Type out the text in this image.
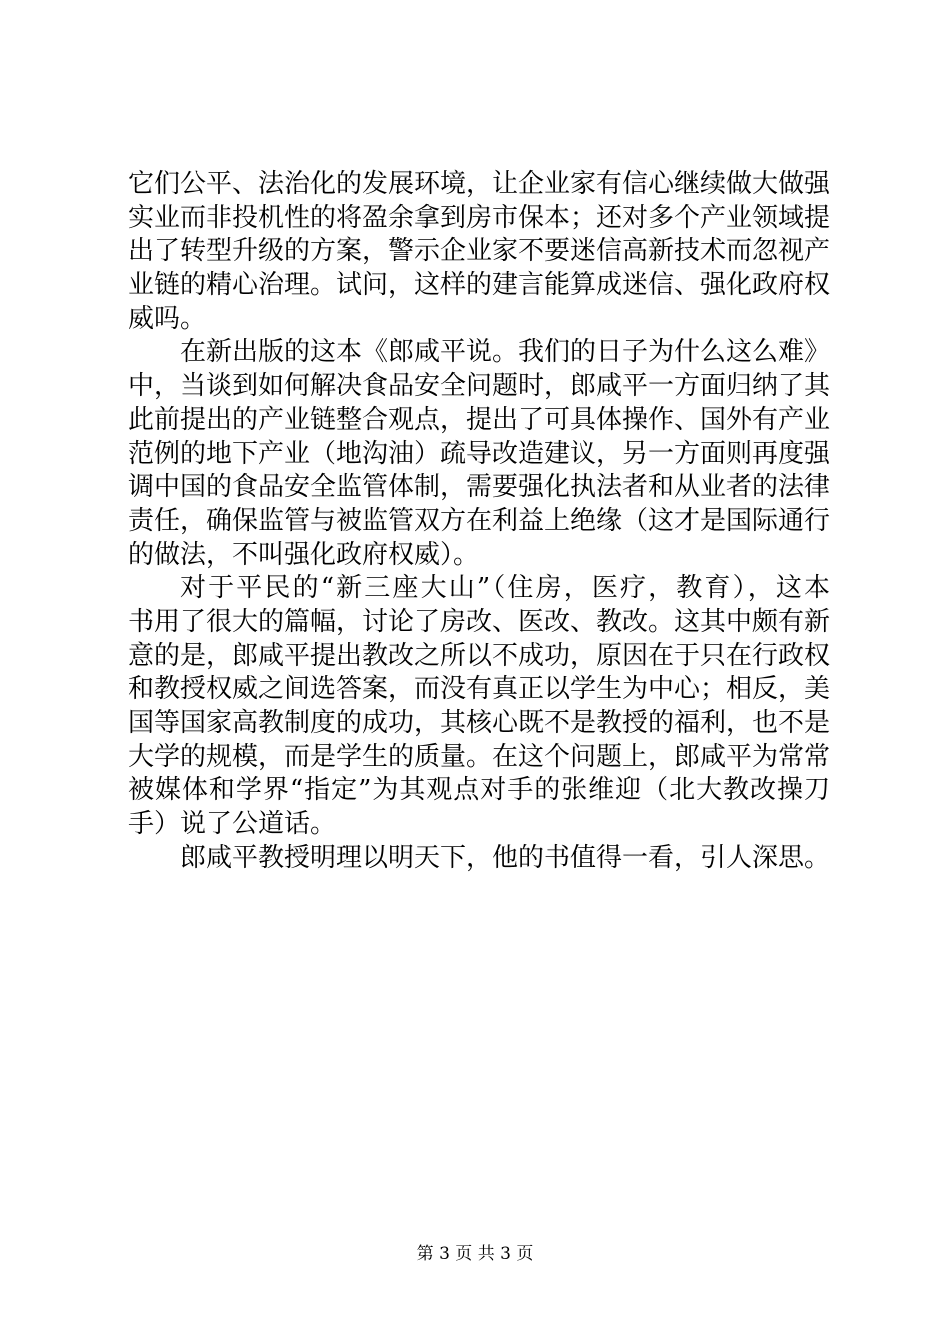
它们公平、法治化的发展环境，让企业家有信心继续做大做强
实业而非投机性的将盈余拿到房市保本；还对多个产业领域提
出了转型升级的方案，警示企业家不要迷信高新技术而忽视产
业链的精心治理。试问，这样的建言能算成迷信、强化政府权
威吗。
在新出版的这本《郎咸平说。我们的日子为什么这么难》
中，当谈到如何解决食品安全问题时，郎咸平一方面归纳了其
此前提出的产业链整合观点，提出了可具体操作、国外有产业
范例的地下产业（地沟油）疏导改造建议，另一方面则再度强
调中国的食品安全监管体制，需要强化执法者和从业者的法律
责任，确保监管与被监管双方在利益上绝缘（这才是国际通行
的做法，不叫强化政府权威）。
对于平民的“新三座大山”（住房，医疗，教育），这本
书用了很大的篇幅，讨论了房改、医改、教改。这其中颇有新
意的是，郎咸平提出教改之所以不成功，原因在于只在行政权
和教授权威之间选答案，而没有真正以学生为中心；相反，美
国等国家高教制度的成功，其核心既不是教授的福利，也不是
大学的规模，而是学生的质量。在这个问题上，郎咸平为常常
被媒体和学界“指定”为其观点对手的张维迎（北大教改操刀
手）说了公道话。
郎咸平教授明理以明天下，他的书值得一看，引人深思。
第 3 页 共 3 页
